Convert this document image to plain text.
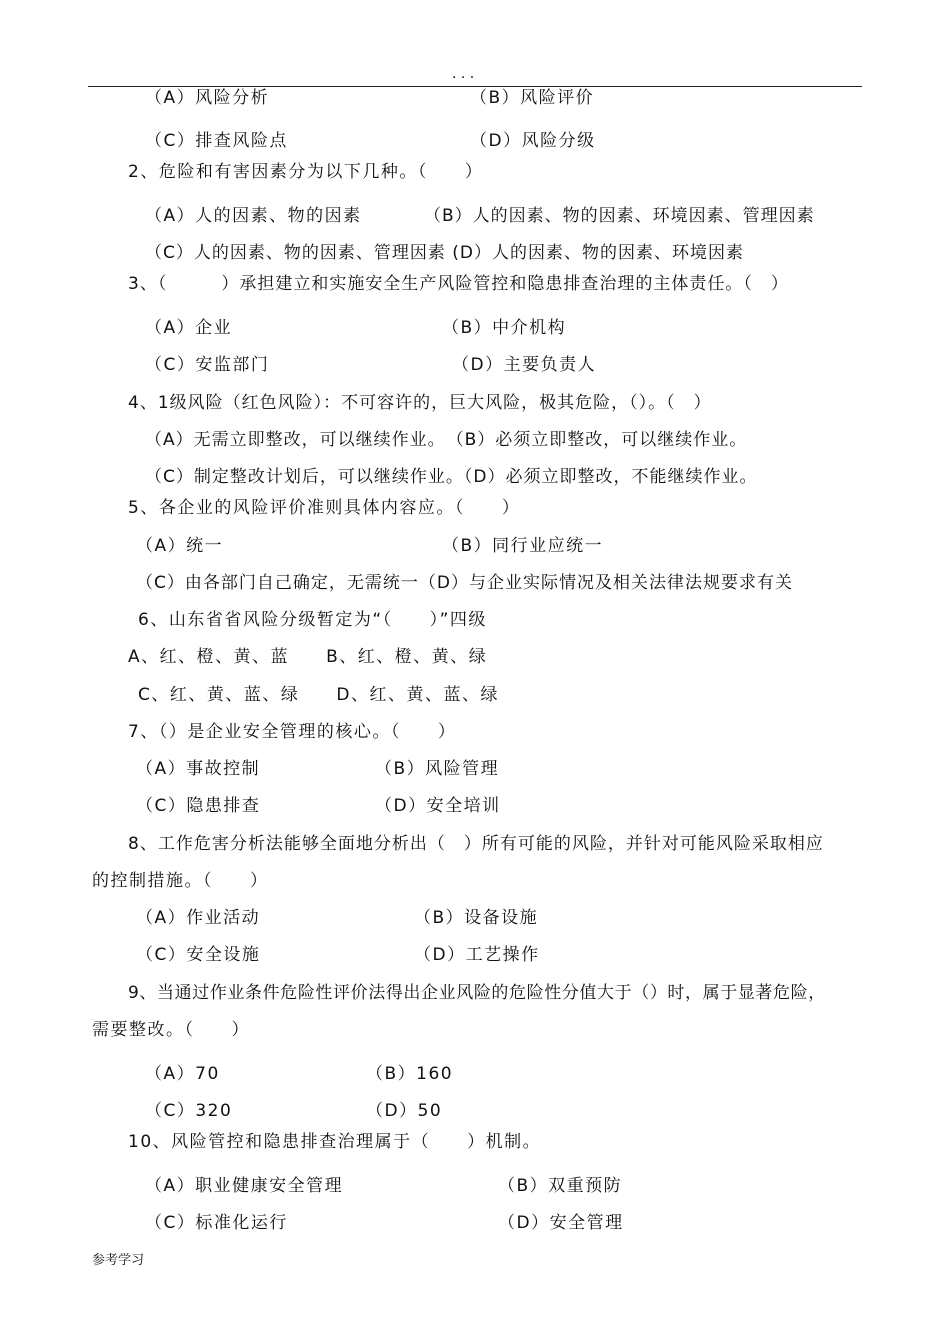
. . .
（A）风险分析	（B）风险评价
（C）排查风险点	（D）风险分级
2、危险和有害因素分为以下几种。（　　）
（A）人的因素、物的因素	（B）人的因素、物的因素、环境因素、管理因素
（C）人的因素、物的因素、管理因素 (D）人的因素、物的因素、环境因素
3、（　　　）承担建立和实施安全生产风险管控和隐患排查治理的主体责任。（　）
（A）企业	（B）中介机构
（C）安监部门	（D）主要负责人
4、1级风险（红色风险）：不可容许的，巨大风险，极其危险，（）。（　）
（A）无需立即整改，可以继续作业。　（B）必须立即整改，可以继续作业。
（C）制定整改计划后，可以继续作业。（D）必须立即整改，不能继续作业。
5、各企业的风险评价准则具体内容应。（　　）
（A）统一	（B）同行业应统一
（C）由各部门自己确定，无需统一（D）与企业实际情况及相关法律法规要求有关
6、山东省省风险分级暂定为“（　　）”四级
A、红、橙、黄、蓝　　B、红、橙、黄、绿
C、红、黄、蓝、绿　　D、红、黄、蓝、绿
7、（）是企业安全管理的核心。（　　）
（A）事故控制	（B）风险管理
（C）隐患排查	（D）安全培训
8、工作危害分析法能够全面地分析出（　）所有可能的风险，并针对可能风险采取相应
的控制措施。（　　）
（A）作业活动	（B）设备设施
（C）安全设施	（D）工艺操作
9、当通过作业条件危险性评价法得出企业风险的危险性分值大于（）时，属于显著危险，
需要整改。（　　）
（A）70	（B）160
（C）320	（D）50
10、风险管控和隐患排查治理属于（　　）机制。
（A）职业健康安全管理	（B）双重预防
（C）标准化运行	（D）安全管理
参考学习
